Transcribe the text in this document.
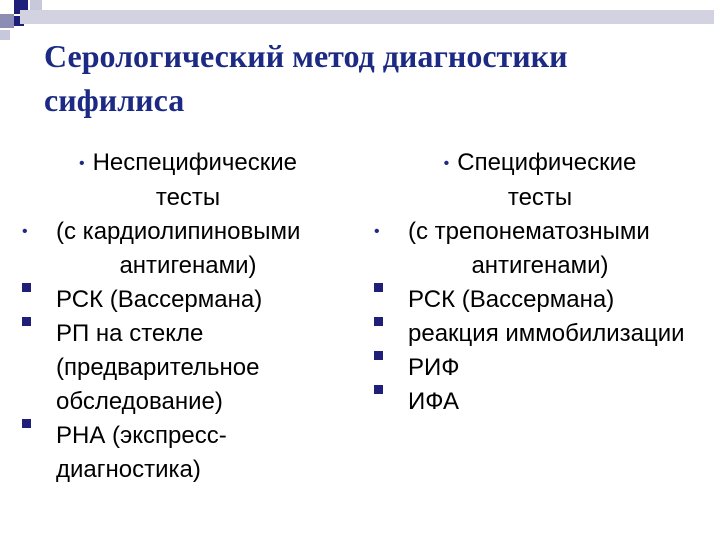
Серологический метод диагностики сифилиса
• Неспецифические
тесты
• (с кардиолипиновыми
антигенами)
РСК (Вассермана)
РП на стекле (предварительное обследование)
РНА (экспресс-диагностика)
• Специфические
тесты
• (с трепонематозными
антигенами)
РСК (Вассермана)
реакция иммобилизации
РИФ
ИФА
